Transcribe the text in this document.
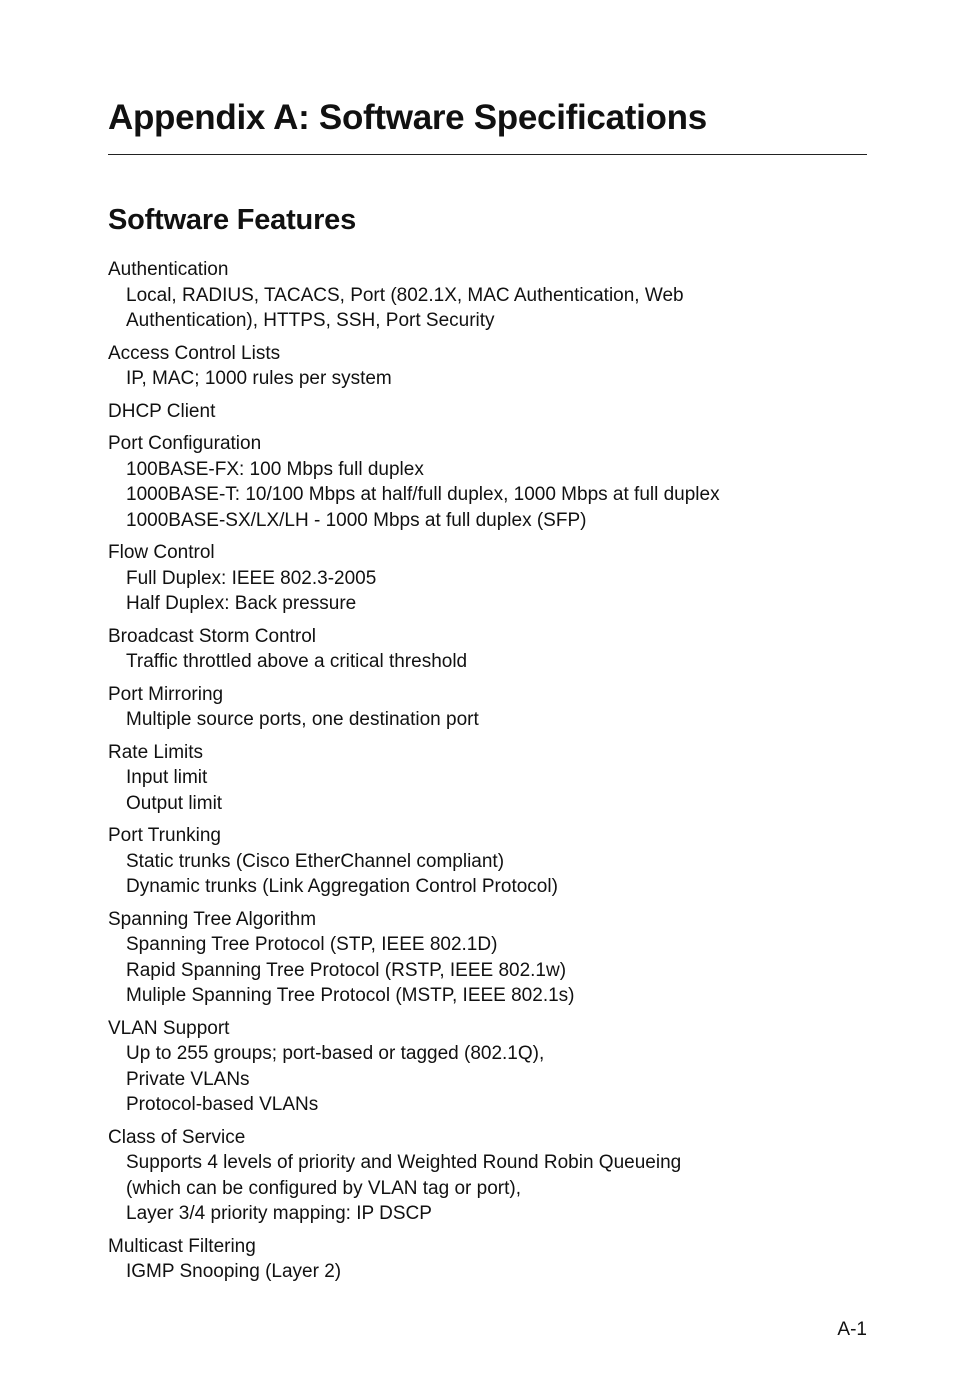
Appendix A: Software Specifications
Software Features
Authentication
Local, RADIUS, TACACS, Port (802.1X, MAC Authentication, Web
Authentication), HTTPS, SSH, Port Security
Access Control Lists
IP, MAC; 1000 rules per system
DHCP Client
Port Configuration
100BASE-FX: 100 Mbps full duplex
1000BASE-T: 10/100 Mbps at half/full duplex, 1000 Mbps at full duplex
1000BASE-SX/LX/LH - 1000 Mbps at full duplex (SFP)
Flow Control
Full Duplex: IEEE 802.3-2005
Half Duplex: Back pressure
Broadcast Storm Control
Traffic throttled above a critical threshold
Port Mirroring
Multiple source ports, one destination port
Rate Limits
Input limit
Output limit
Port Trunking
Static trunks (Cisco EtherChannel compliant)
Dynamic trunks (Link Aggregation Control Protocol)
Spanning Tree Algorithm
Spanning Tree Protocol (STP, IEEE 802.1D)
Rapid Spanning Tree Protocol (RSTP, IEEE 802.1w)
Muliple Spanning Tree Protocol (MSTP, IEEE 802.1s)
VLAN Support
Up to 255 groups; port-based or tagged (802.1Q),
Private VLANs
Protocol-based VLANs
Class of Service
Supports 4 levels of priority and Weighted Round Robin Queueing
(which can be configured by VLAN tag or port),
Layer 3/4 priority mapping: IP DSCP
Multicast Filtering
IGMP Snooping (Layer 2)
A-1
